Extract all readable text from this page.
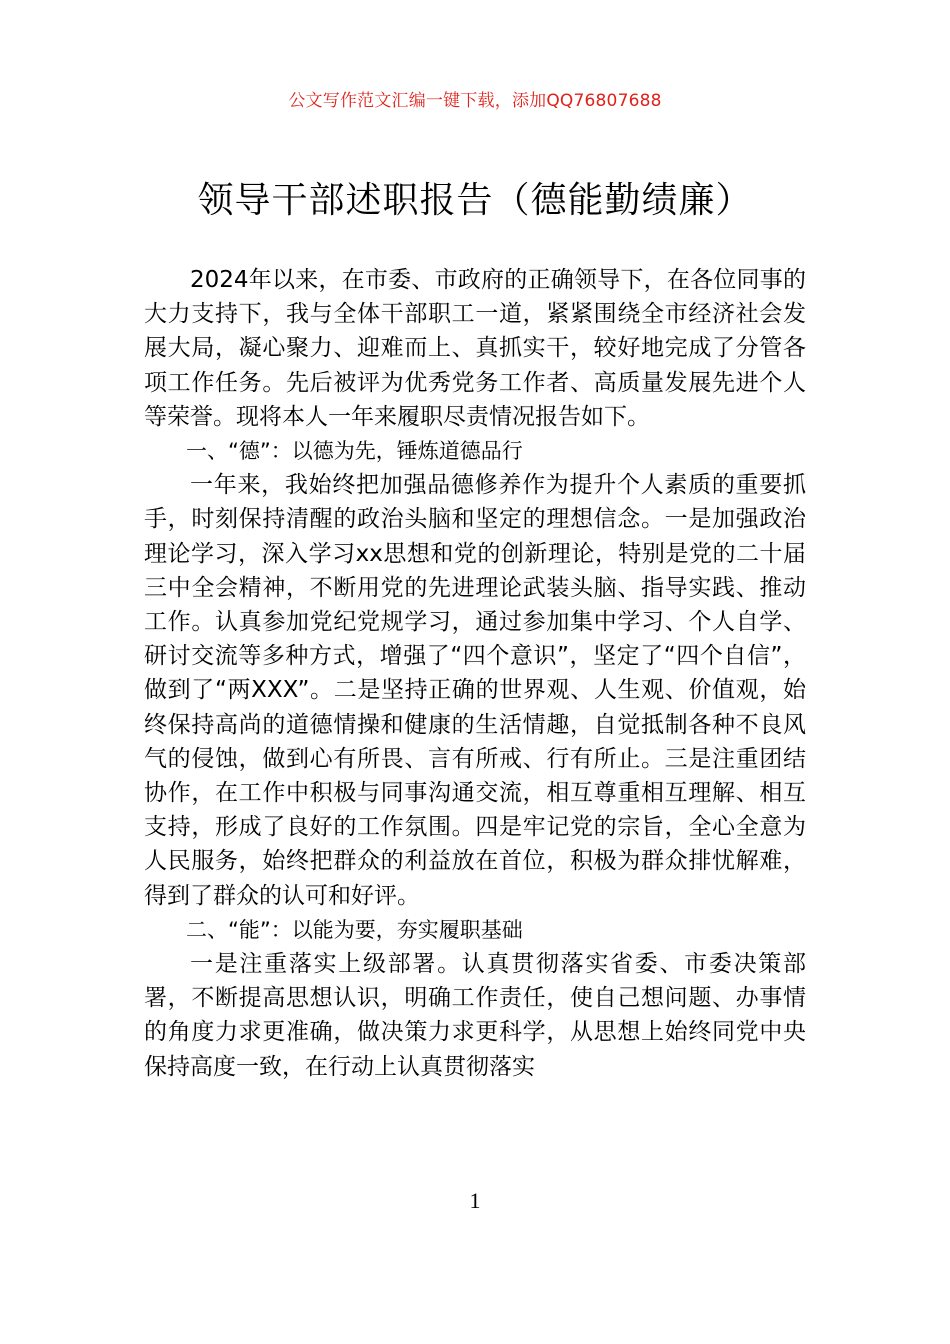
公文写作范文汇编一键下载，添加QQ76807688
领导干部述职报告（德能勤绩廉）

2024年以来，在市委、市政府的正确领导下，在各位同事的大力支持下，我与全体干部职工一道，紧紧围绕全市经济社会发展大局，凝心聚力、迎难而上、真抓实干，较好地完成了分管各项工作任务。先后被评为优秀党务工作者、高质量发展先进个人等荣誉。现将本人一年来履职尽责情况报告如下。

一、“德”：以德为先，锤炼道德品行

一年来，我始终把加强品德修养作为提升个人素质的重要抓手，时刻保持清醒的政治头脑和坚定的理想信念。一是加强政治理论学习，深入学习xx思想和党的创新理论，特别是党的二十届三中全会精神，不断用党的先进理论武装头脑、指导实践、推动工作。认真参加党纪党规学习，通过参加集中学习、个人自学、研讨交流等多种方式，增强了“四个意识”，坚定了“四个自信”，做到了“两XXX”。二是坚持正确的世界观、人生观、价值观，始终保持高尚的道德情操和健康的生活情趣，自觉抵制各种不良风气的侵蚀，做到心有所畏、言有所戒、行有所止。三是注重团结协作，在工作中积极与同事沟通交流，相互尊重相互理解、相互支持，形成了良好的工作氛围。四是牢记党的宗旨，全心全意为人民服务，始终把群众的利益放在首位，积极为群众排忧解难，得到了群众的认可和好评。

二、“能”：以能为要，夯实履职基础

一是注重落实上级部署。认真贯彻落实省委、市委决策部署，不断提高思想认识，明确工作责任，使自己想问题、办事情的角度力求更准确，做决策力求更科学，从思想上始终同党中央保持高度一致，在行动上认真贯彻落实

1
